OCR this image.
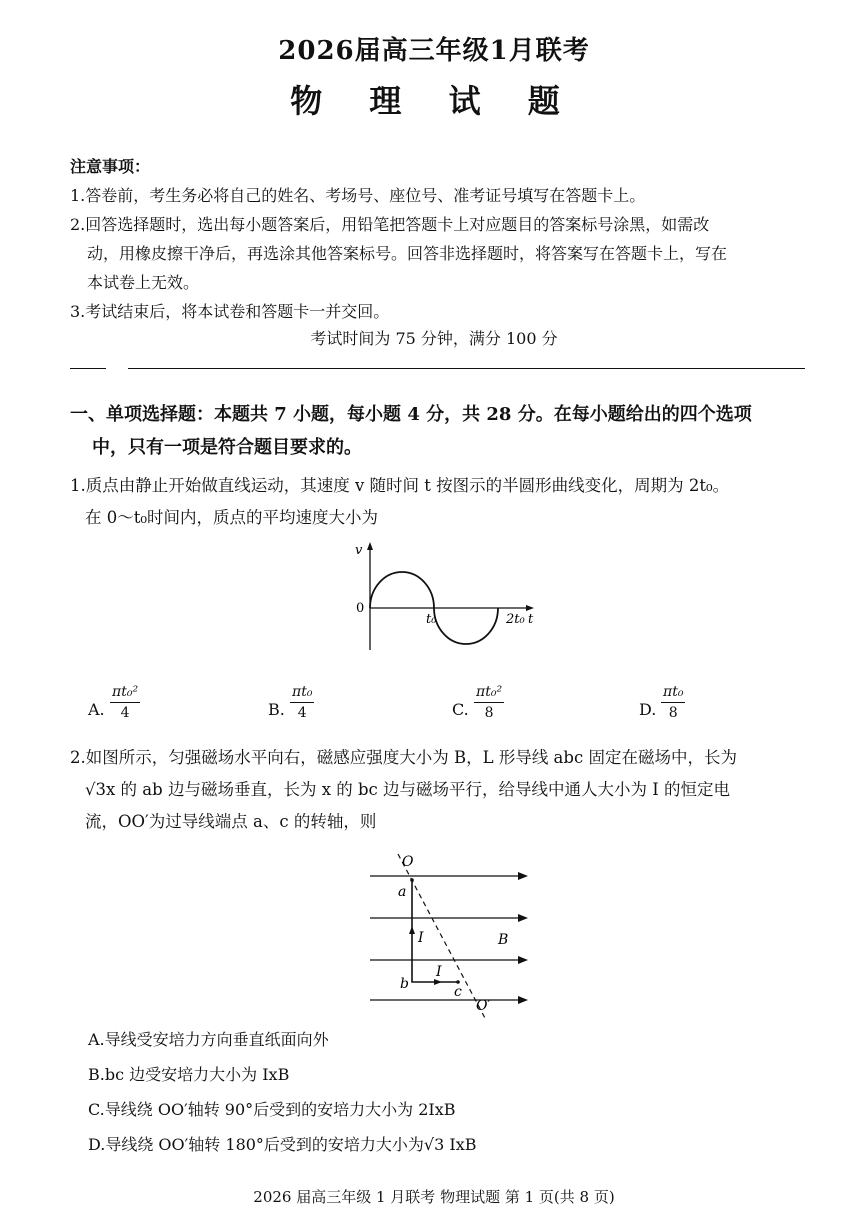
2026届高三年级1月联考
物 理 试 题
注意事项：
1.答卷前，考生务必将自己的姓名、考场号、座位号、准考证号填写在答题卡上。
2.回答选择题时，选出每小题答案后，用铅笔把答题卡上对应题目的答案标号涂黑，如需改
动，用橡皮擦干净后，再选涂其他答案标号。回答非选择题时，将答案写在答题卡上，写在
本试卷上无效。
3.考试结束后，将本试卷和答题卡一并交回。
考试时间为 75 分钟，满分 100 分
一、单项选择题：本题共 7 小题，每小题 4 分，共 28 分。在每小题给出的四个选项
中，只有一项是符合题目要求的。
1.质点由静止开始做直线运动，其速度 v 随时间 t 按图示的半圆形曲线变化，周期为 2t₀。
在 0～t₀时间内，质点的平均速度大小为
v
0
t₀	2t₀ t
A. $\frac{\text{πt₀²}}{4}$	B. $\frac{\text{πt₀}}{4}$	C. $\frac{\text{πt₀²}}{8}$	D. $\frac{\text{πt₀}}{8}$
2.如图所示，匀强磁场水平向右，磁感应强度大小为 B，L 形导线 abc 固定在磁场中，长为
√3x 的 ab 边与磁场垂直，长为 x 的 bc 边与磁场平行，给导线中通人大小为 I 的恒定电
流，OO′为过导线端点 a、c 的转轴，则
O
a
b	c
O′
I
I
B
A.导线受安培力方向垂直纸面向外
B.bc 边受安培力大小为 IxB
C.导线绕 OO′轴转 90°后受到的安培力大小为 2IxB
D.导线绕 OO′轴转 180°后受到的安培力大小为√3 IxB
2026 届高三年级 1 月联考 物理试题 第 1 页(共 8 页)
